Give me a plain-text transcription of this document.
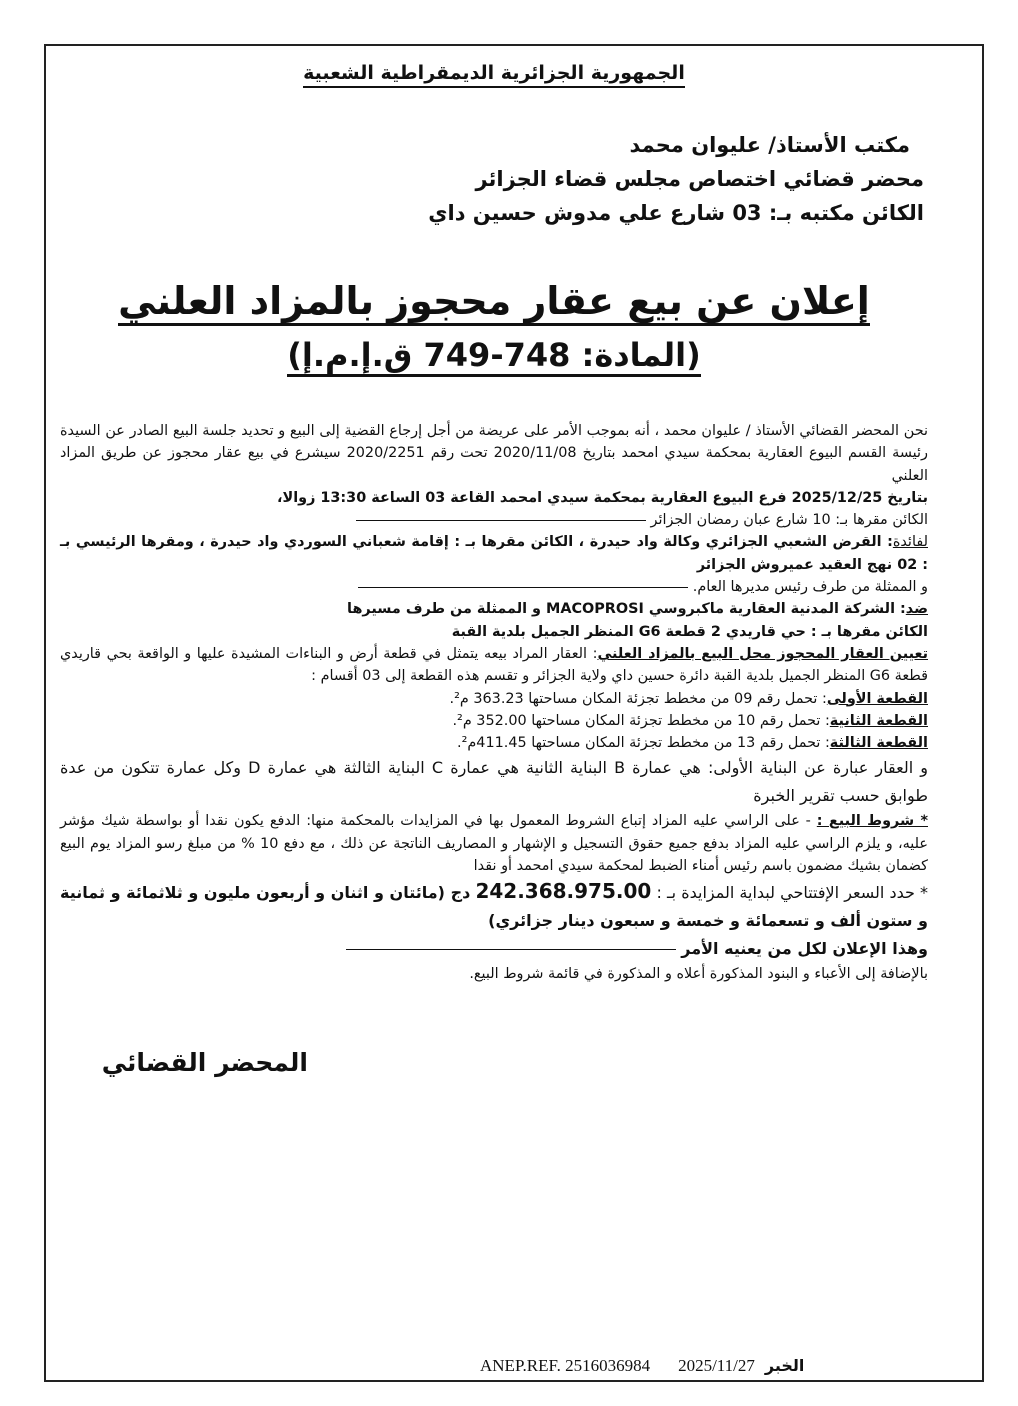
الجمهورية الجزائرية الديمقراطية الشعبية
مكتب الأستاذ/ عليوان محمد
محضر قضائي اختصاص مجلس قضاء الجزائر
الكائن مكتبه بـ: 03 شارع علي مدوش حسين داي
إعلان عن بيع عقار محجوز بالمزاد العلني
(المادة: 748-749 ق.إ.م.إ)

نحن المحضر القضائي الأستاذ / عليوان محمد ، أنه بموجب الأمر على عريضة من أجل إرجاع القضية إلى البيع و تحديد جلسة البيع الصادر عن السيدة رئيسة القسم البيوع العقارية بمحكمة سيدي امحمد بتاريخ 2020/11/08 تحت رقم 2020/2251 سيشرع في بيع عقار محجوز عن طريق المزاد العلني

بتاريخ 2025/12/25 فرع البيوع العقارية بمحكمة سيدي امحمد القاعة 03 الساعة 13:30 زوالا،

الكائن مقرها بـ: 10 شارع عبان رمضان الجزائر

لفائدة: القرض الشعبي الجزائري وكالة واد حيدرة ، الكائن مقرها بـ : إقامة شعباني السوردي واد حيدرة ، ومقرها الرئيسي بـ : 02 نهج العقيد عميروش الجزائر

و الممثلة من طرف رئيس مديرها العام.

ضد: الشركة المدنية العقارية ماكبروسي MACOPROSI و الممثلة من طرف مسيرها

الكائن مقرها بـ : حي قاريدي 2 قطعة G6 المنظر الجميل بلدية القبة

تعيين العقار المحجوز محل البيع بالمزاد العلني: العقار المراد بيعه يتمثل في قطعة أرض و البناءات المشيدة عليها و الواقعة بحي قاريدي قطعة G6 المنظر الجميل بلدية القبة دائرة حسين داي ولاية الجزائر و تقسم هذه القطعة إلى 03 أقسام :

القطعة الأولى: تحمل رقم 09 من مخطط تجزئة المكان مساحتها 363.23 م².

القطعة الثانية: تحمل رقم 10 من مخطط تجزئة المكان مساحتها 352.00 م².

القطعة الثالثة: تحمل رقم 13 من مخطط تجزئة المكان مساحتها 411.45م².

و العقار عبارة عن البناية الأولى: هي عمارة B البناية الثانية هي عمارة C البناية الثالثة هي عمارة D وكل عمارة تتكون من عدة طوابق حسب تقرير الخبرة

* شروط البيع : - على الراسي عليه المزاد إتباع الشروط المعمول بها في المزايدات بالمحكمة منها: الدفع يكون نقدا أو بواسطة شيك مؤشر عليه، و يلزم الراسي عليه المزاد بدفع جميع حقوق التسجيل و الإشهار و المصاريف الناتجة عن ذلك ، مع دفع 10 % من مبلغ رسو المزاد يوم البيع كضمان بشيك مضمون باسم رئيس أمناء الضبط لمحكمة سيدي امحمد أو نقدا

* حدد السعر الإفتتاحي لبداية المزايدة بـ : 242.368.975.00 دج (مائتان و اثنان و أربعون مليون و ثلاثمائة و ثمانية و ستون ألف و تسعمائة و خمسة و سبعون دينار جزائري)

وهذا الإعلان لكل من يعنيه الأمر

بالإضافة إلى الأعباء و البنود المذكورة أعلاه و المذكورة في قائمة شروط البيع.

المحضر القضائي
ANEP.REF. 2516036984 2025/11/27 الخبر
